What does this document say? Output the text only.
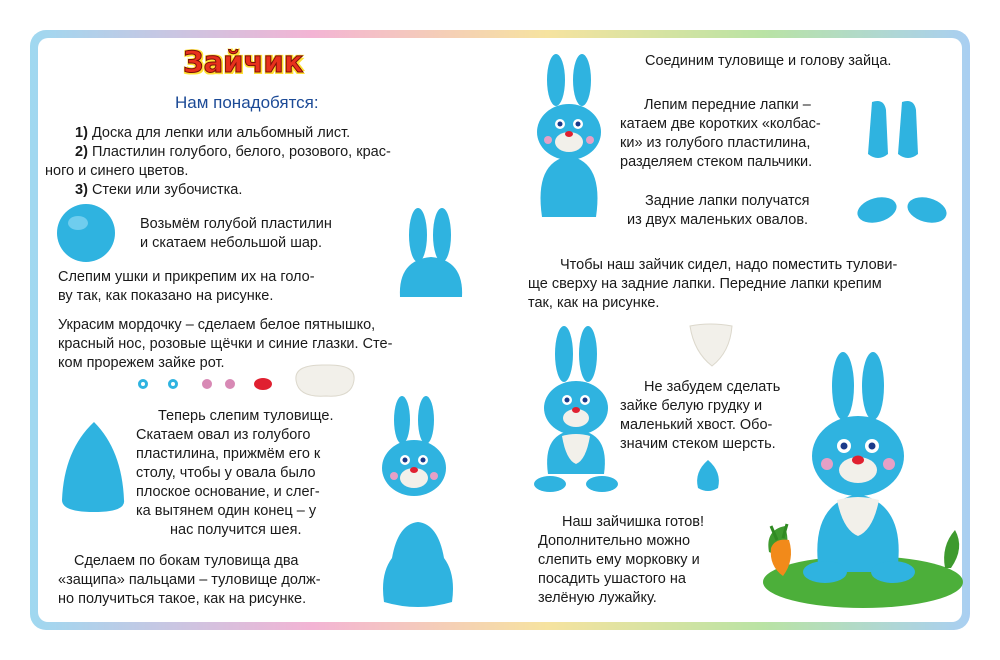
Зайчик
Нам понадобятся:
1) Доска для лепки или альбомный лист.
2) Пластилин голубого, белого, розового, крас-
ного и синего цветов.
3) Стеки или зубочистка.
Возьмём голубой пластилин
и скатаем небольшой шар.
Слепим ушки и прикрепим их на голо-
ву так, как показано на рисунке.
Украсим мордочку – сделаем белое пятнышко,
красный нос, розовые щёчки и синие глазки. Сте-
ком прорежем зайке рот.
Теперь слепим туловище.
Скатаем овал из голубого
пластилина, прижмём его к
столу, чтобы у овала было
плоское основание, и слег-
ка вытянем один конец – у
нас получится шея.
Сделаем по бокам туловища два
«защипа» пальцами – туловище долж-
но получиться такое, как на рисунке.
Соединим туловище и голову зайца.
Лепим передние лапки –
катаем две коротких «колбас-
ки» из голубого пластилина,
разделяем стеком пальчики.
Задние лапки получатся
из двух маленьких овалов.
Чтобы наш зайчик сидел, надо поместить тулови-
ще сверху на задние лапки. Передние лапки крепим
так, как на рисунке.
Не забудем сделать
зайке белую грудку и
маленький хвост. Обо-
значим стеком шерсть.
Наш зайчишка готов!
Дополнительно можно
слепить ему морковку и
посадить ушастого на
зелёную лужайку.
